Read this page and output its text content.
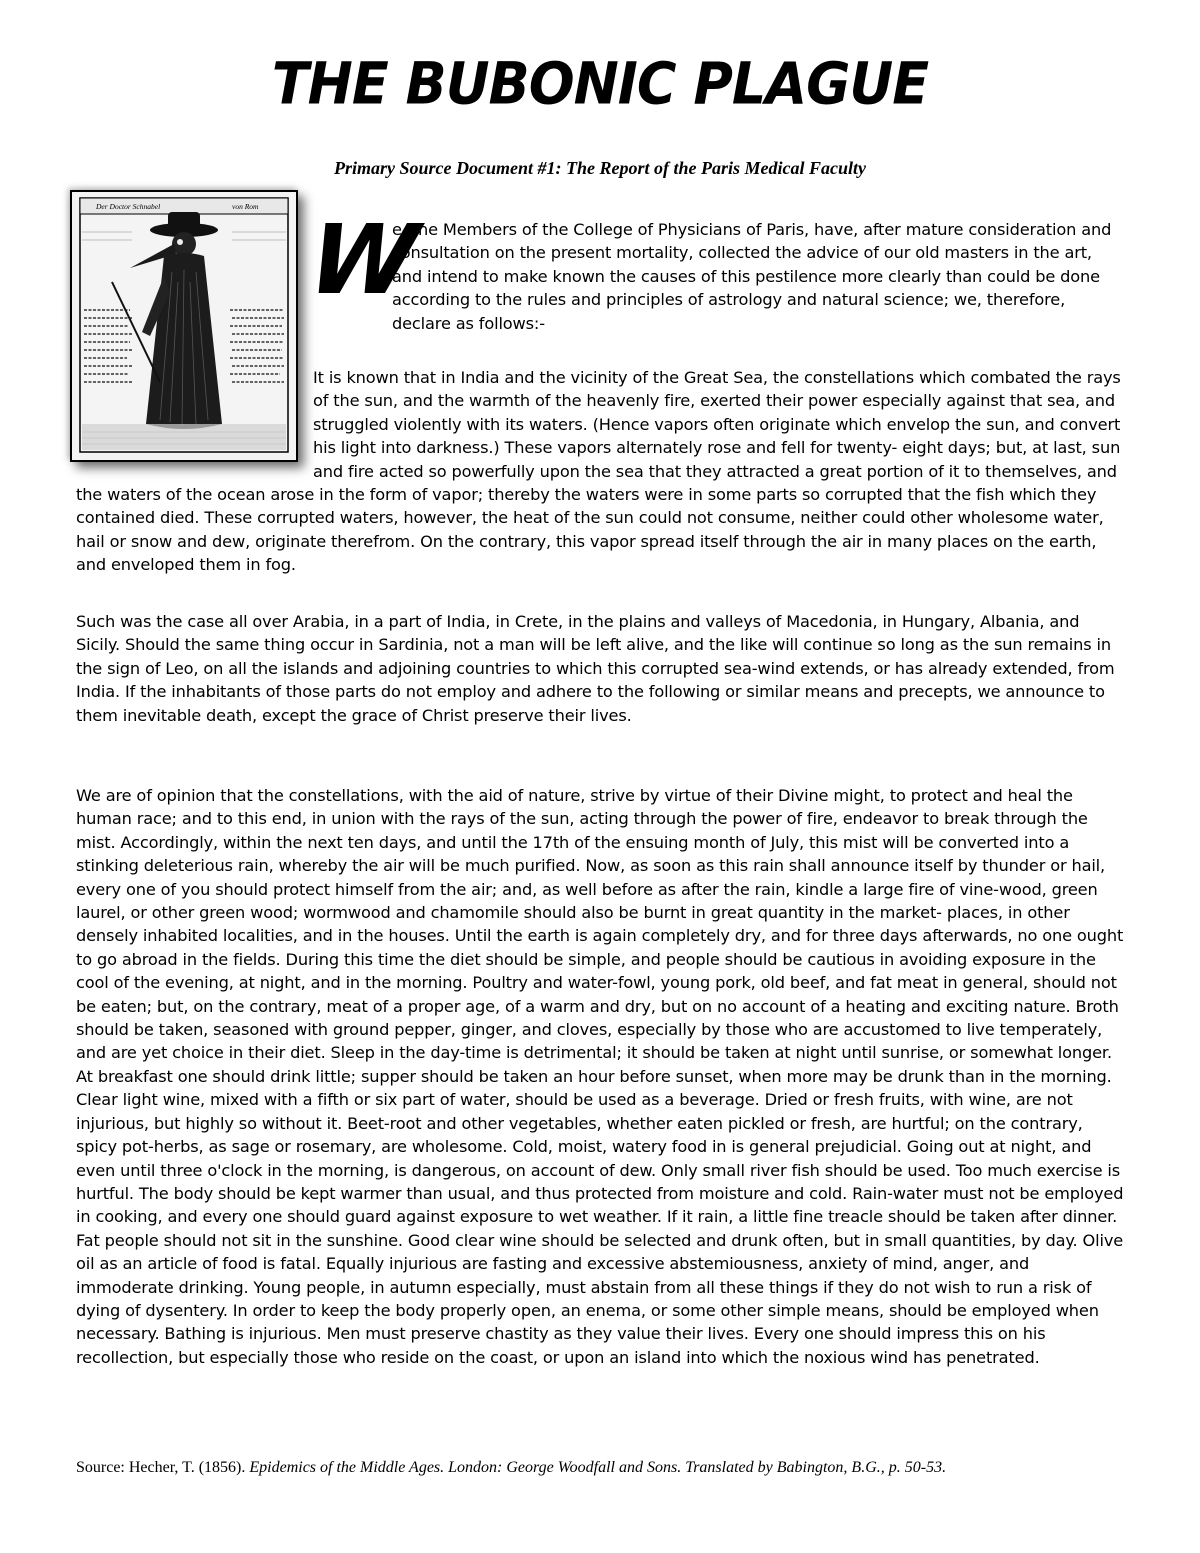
THE BUBONIC PLAGUE
Primary Source Document #1: The Report of the Paris Medical Faculty
Der Doctor Schnabel	von Rom W
e, the Members of the College of Physicians of Paris, have, after mature consideration and consultation on the present mortality, collected the advice of our old masters in the art, and intend to make known the causes of this pestilence more clearly than could be done according to the rules and principles of astrology and natural science; we, therefore, declare as follows:-
It is known that in India and the vicinity of the Great Sea, the constellations which combated the rays of the sun, and the warmth of the heavenly fire, exerted their power especially against that sea, and struggled violently with its waters. (Hence vapors often originate which envelop the sun, and convert his light into darkness.) These vapors alternately rose and fell for twenty- eight days; but, at last, sun and fire acted so powerfully upon the sea that they attracted a great portion of it to themselves, and the waters of the ocean arose in the form of vapor; thereby the waters were in some parts so corrupted that the fish which they contained died. These corrupted waters, however, the heat of the sun could not consume, neither could other wholesome water, hail or snow and dew, originate therefrom. On the contrary, this vapor spread itself through the air in many places on the earth, and enveloped them in fog.
Such was the case all over Arabia, in a part of India, in Crete, in the plains and valleys of Macedonia, in Hungary, Albania, and Sicily. Should the same thing occur in Sardinia, not a man will be left alive, and the like will continue so long as the sun remains in the sign of Leo, on all the islands and adjoining countries to which this corrupted sea-wind extends, or has already extended, from India. If the inhabitants of those parts do not employ and adhere to the following or similar means and precepts, we announce to them inevitable death, except the grace of Christ preserve their lives.
We are of opinion that the constellations, with the aid of nature, strive by virtue of their Divine might, to protect and heal the human race; and to this end, in union with the rays of the sun, acting through the power of fire, endeavor to break through the mist. Accordingly, within the next ten days, and until the 17th of the ensuing month of July, this mist will be converted into a stinking deleterious rain, whereby the air will be much purified. Now, as soon as this rain shall announce itself by thunder or hail, every one of you should protect himself from the air; and, as well before as after the rain, kindle a large fire of vine-wood, green laurel, or other green wood; wormwood and chamomile should also be burnt in great quantity in the market- places, in other densely inhabited localities, and in the houses. Until the earth is again completely dry, and for three days afterwards, no one ought to go abroad in the fields. During this time the diet should be simple, and people should be cautious in avoiding exposure in the cool of the evening, at night, and in the morning. Poultry and water-fowl, young pork, old beef, and fat meat in general, should not be eaten; but, on the contrary, meat of a proper age, of a warm and dry, but on no account of a heating and exciting nature. Broth should be taken, seasoned with ground pepper, ginger, and cloves, especially by those who are accustomed to live temperately, and are yet choice in their diet. Sleep in the day-time is detrimental; it should be taken at night until sunrise, or somewhat longer. At breakfast one should drink little; supper should be taken an hour before sunset, when more may be drunk than in the morning. Clear light wine, mixed with a fifth or six part of water, should be used as a beverage. Dried or fresh fruits, with wine, are not injurious, but highly so without it. Beet-root and other vegetables, whether eaten pickled or fresh, are hurtful; on the contrary, spicy pot-herbs, as sage or rosemary, are wholesome. Cold, moist, watery food in is general prejudicial. Going out at night, and even until three o'clock in the morning, is dangerous, on account of dew. Only small river fish should be used. Too much exercise is hurtful. The body should be kept warmer than usual, and thus protected from moisture and cold. Rain-water must not be employed in cooking, and every one should guard against exposure to wet weather. If it rain, a little fine treacle should be taken after dinner. Fat people should not sit in the sunshine. Good clear wine should be selected and drunk often, but in small quantities, by day. Olive oil as an article of food is fatal. Equally injurious are fasting and excessive abstemiousness, anxiety of mind, anger, and immoderate drinking. Young people, in autumn especially, must abstain from all these things if they do not wish to run a risk of dying of dysentery. In order to keep the body properly open, an enema, or some other simple means, should be employed when necessary. Bathing is injurious. Men must preserve chastity as they value their lives. Every one should impress this on his recollection, but especially those who reside on the coast, or upon an island into which the noxious wind has penetrated.
Source: Hecher, T. (1856). Epidemics of the Middle Ages. London: George Woodfall and Sons. Translated by Babington, B.G., p. 50-53.
